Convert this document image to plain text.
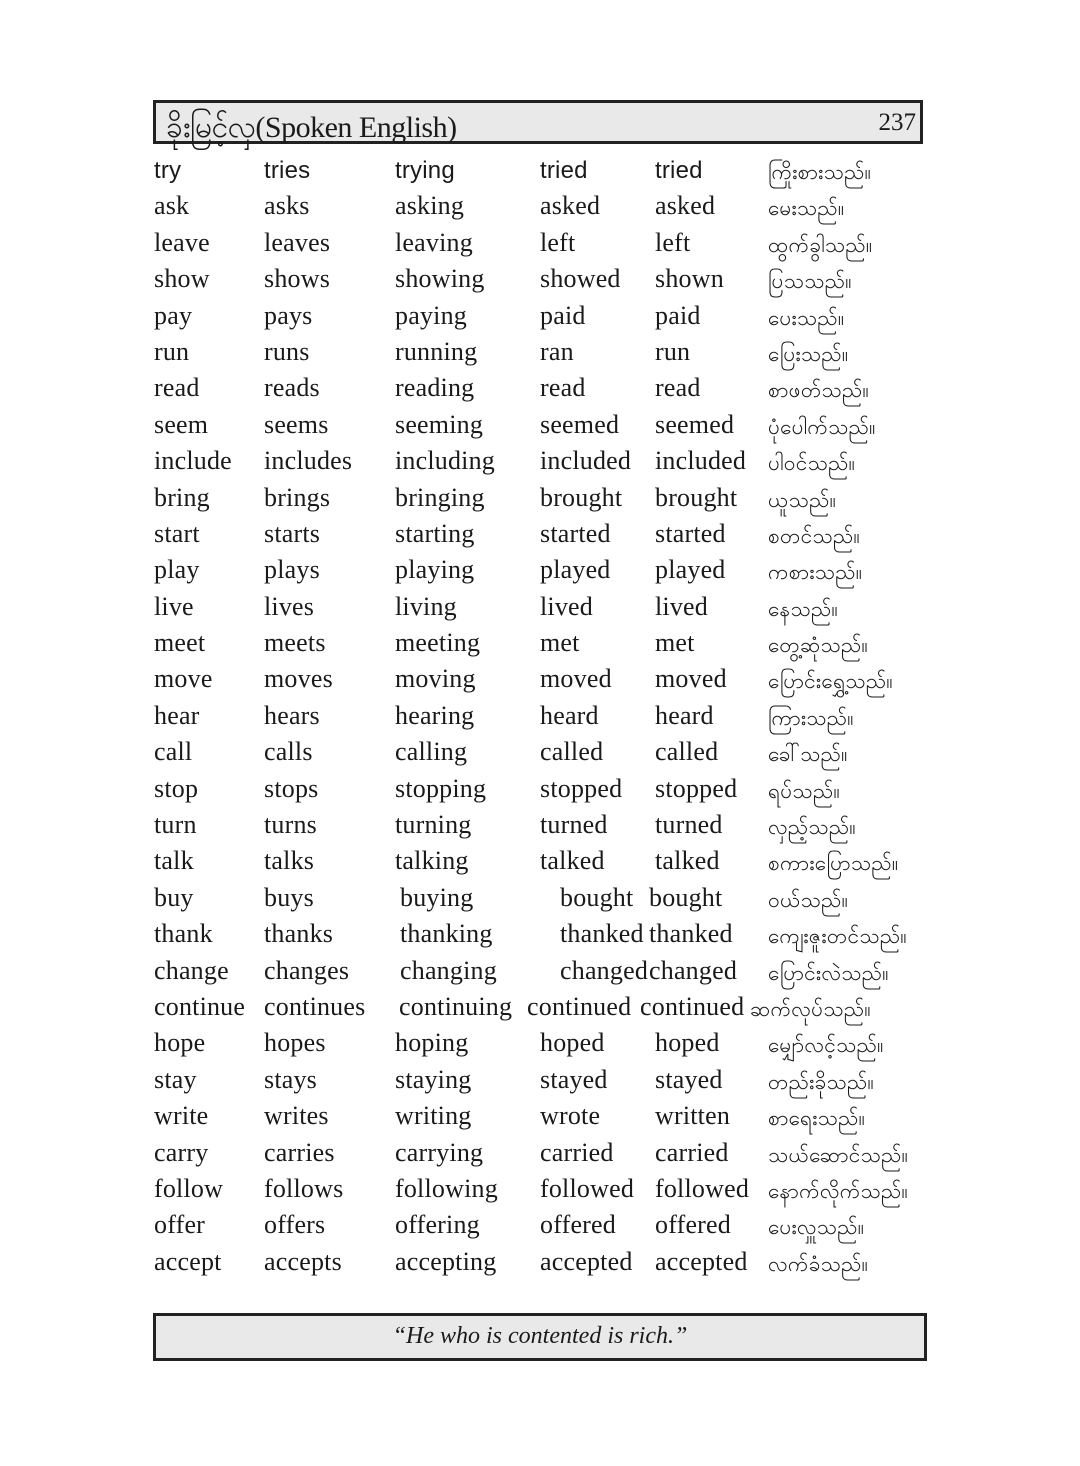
ခိုးမြင့်လှ(Spoken English)	237
try	tries	trying	tried	tried	ကြိုးစားသည်။
ask	asks	asking	asked asked	မေးသည်။
leave leaves leaving	left	left	ထွက်ခွါသည်။
show shows showing showed shown ပြသသည်။
pay	pays	paying	paid	paid	ပေးသည်။
run	runs	running ran	run	ပြေးသည်။
read reads	reading	read	read	စာဖတ်သည်။
seem seems	seeming seemed seemed ပုံပေါက်သည်။
include includes including included included ပါဝင်သည်။
bring brings bringing brought brought ယူသည်။
start starts	starting	started started စတင်သည်။
play plays	playing	played played ကစားသည်။
live	lives	living	lived lived	နေသည်။
meet meets	meeting met	met	တွေ့ဆုံသည်။
move moves moving moved moved ပြောင်းရွှေ့သည်။
hear hears	hearing	heard heard	ကြားသည်။
call	calls	calling	called called ခေါ်သည်။
stop	stops	stopping stopped stopped ရပ်သည်။
turn	turns	turning	turned turned လှည့်သည်။
talk	talks	talking	talked talked စကားပြောသည်။
buy	buys	buying	bought bought ဝယ်သည်။
thank thanks	thanking	thanked thanked ကျေးဇူးတင်သည်။
change changes changing changed changed ပြောင်းလဲသည်။
continue continues continuing continued continued ဆက်လုပ်သည်။
hope hopes	hoping	hoped hoped မျှော်လင့်သည်။
stay	stays	staying	stayed stayed တည်းခိုသည်။
write writes	writing	wrote written စာရေးသည်။
carry carries carrying carried carried သယ်ဆောင်သည်။
follow follows following followed followed နောက်လိုက်သည်။
offer offers	offering offered offered ပေးလှူသည်။
accept accepts accepting accepted accepted လက်ခံသည်။
“He who is contented is rich.”
